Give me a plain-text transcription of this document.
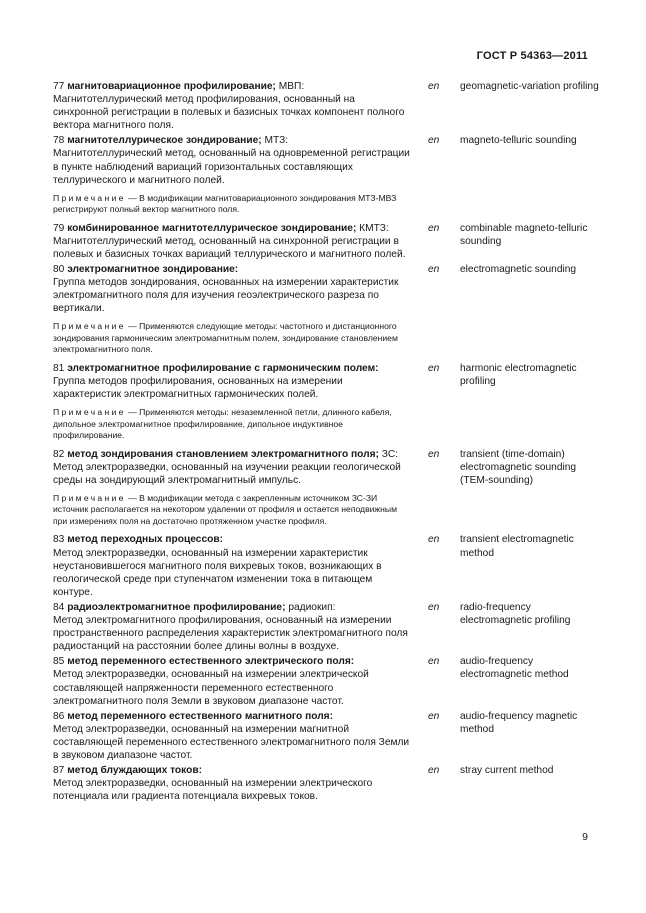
ГОСТ Р 54363—2011
77 магнитовариационное профилирование; МВП:
Магнитотеллурический метод профилирования, основанный на синхронной регистрации в полевых и базисных точках компонент полного вектора магнитного поля.
en geomagnetic-variation profiling
78 магнитотеллурическое зондирование; МТЗ:
Магнитотеллурический метод, основанный на одновременной регистрации в пункте наблюдений вариаций горизонтальных составляющих теллурического и магнитного полей.
Примечание — В модификации магнитовариационного зондирования МТЗ-МВЗ регистрируют полный вектор магнитного поля.
en magneto-telluric sounding
79 комбинированное магнитотеллурическое зондирование; КМТЗ:
Магнитотеллурический метод, основанный на синхронной регистрации в полевых и базисных точках вариаций теллурического и магнитного полей.
en combinable magneto-telluric sounding
80 электромагнитное зондирование:
Группа методов зондирования, основанных на измерении характеристик электромагнитного поля для изучения геоэлектрического разреза по вертикали.
Примечание — Применяются следующие методы: частотного и дистанционного зондирования гармоническим электромагнитным полем, зондирование становлением электромагнитного поля.
en electromagnetic sounding
81 электромагнитное профилирование с гармоническим полем:
Группа методов профилирования, основанных на измерении характеристик электромагнитных гармонических полей.
Примечание — Применяются методы: незаземленной петли, длинного кабеля, дипольное электромагнитное профилирование, дипольное индуктивное профилирование.
en harmonic electromagnetic profiling
82 метод зондирования становлением электромагнитного поля; ЗС:
Метод электроразведки, основанный на изучении реакции геологической среды на зондирующий электромагнитный импульс.
Примечание — В модификации метода с закрепленным источником ЗС-ЗИ источник располагается на некотором удалении от профиля и остается неподвижным при измерениях поля на достаточно протяженном участке профиля.
en transient (time-domain) electromagnetic sounding (TEM-sounding)
83 метод переходных процессов:
Метод электроразведки, основанный на измерении характеристик неустановившегося магнитного поля вихревых токов, возникающих в геологической среде при ступенчатом изменении тока в питающем контуре.
en transient electromagnetic method
84 радиоэлектромагнитное профилирование; радиокип:
Метод электромагнитного профилирования, основанный на измерении пространственного распределения характеристик электромагнитного поля радиостанций на расстоянии более длины волны в воздухе.
en radio-frequency electromagnetic profiling
85 метод переменного естественного электрического поля:
Метод электроразведки, основанный на измерении электрической составляющей напряженности переменного естественного электромагнитного поля Земли в звуковом диапазоне частот.
en audio-frequency electromagnetic method
86 метод переменного естественного магнитного поля:
Метод электроразведки, основанный на измерении магнитной составляющей переменного естественного электромагнитного поля Земли в звуковом диапазоне частот.
en audio-frequency magnetic method
87 метод блуждающих токов:
Метод электроразведки, основанный на измерении электрического потенциала или градиента потенциала вихревых токов.
en stray current method
9
